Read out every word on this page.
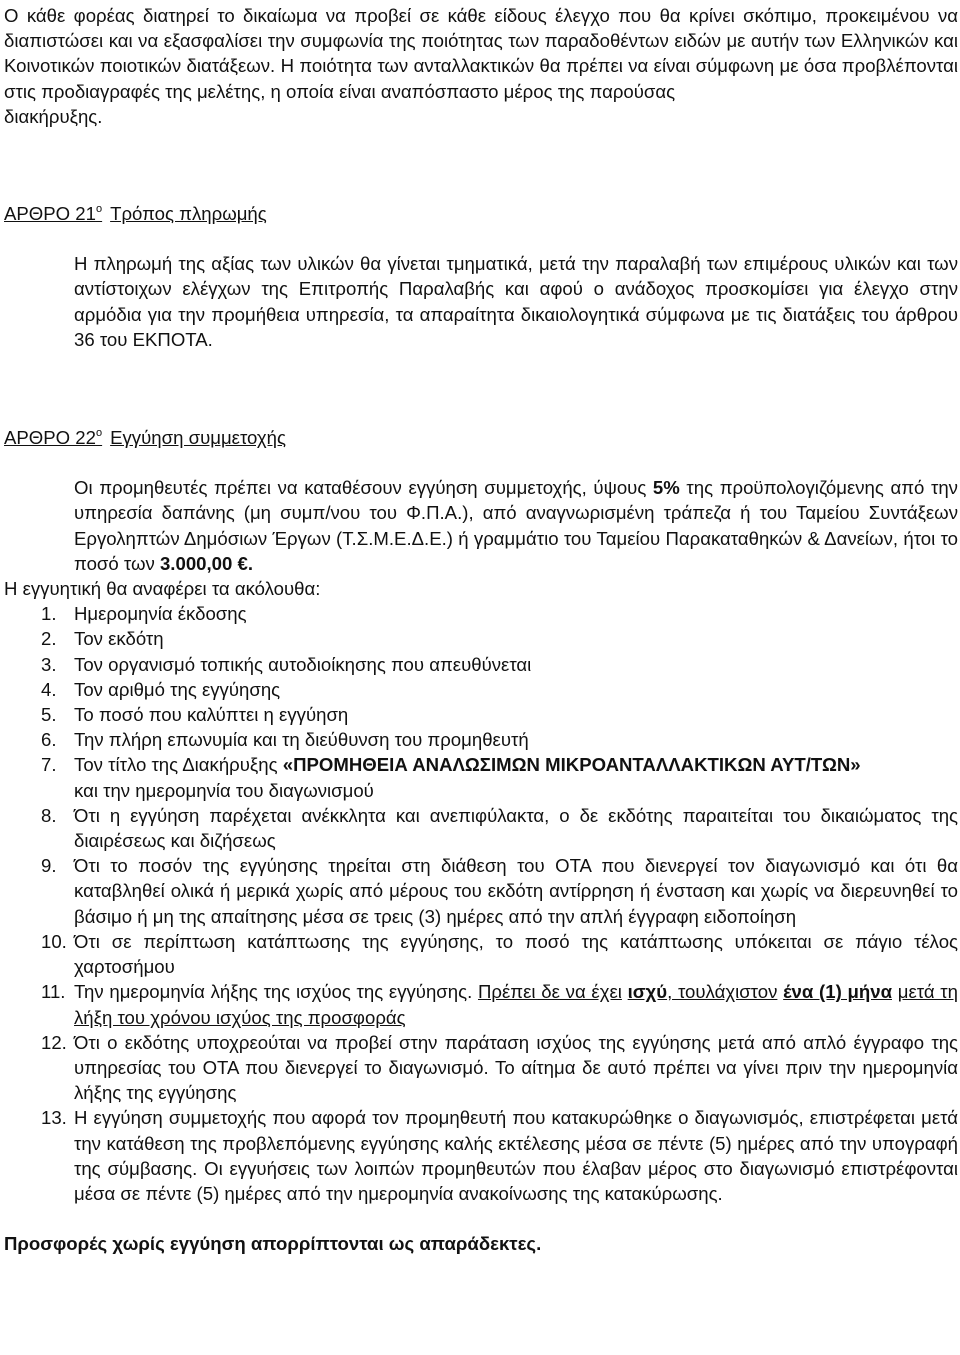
Ο κάθε φορέας διατηρεί το δικαίωμα να προβεί σε κάθε είδους έλεγχο που θα κρίνει σκόπιμο, προκειμένου να διαπιστώσει και να εξασφαλίσει την συμφωνία της ποιότητας των παραδοθέντων ειδών με αυτήν των Ελληνικών και Κοινοτικών ποιοτικών διατάξεων. Η ποιότητα των ανταλλακτικών θα πρέπει να είναι σύμφωνη με όσα προβλέπονται στις προδιαγραφές της μελέτης, η οποία είναι αναπόσπαστο μέρος της παρούσας

διακήρυξης.

ΑΡΘΡΟ $21^o$ Τρόπος πληρωμής

Η πληρωμή της αξίας των υλικών θα γίνεται τμηματικά, μετά την παραλαβή των επιμέρους υλικών και των αντίστοιχων ελέγχων της Επιτροπής Παραλαβής και αφού ο ανάδοχος προσκομίσει για έλεγχο στην αρμόδια για την προμήθεια υπηρεσία, τα απαραίτητα δικαιολογητικά σύμφωνα με τις διατάξεις του άρθρου 36 του ΕΚΠΟΤΑ.

ΑΡΘΡΟ $22^o$ Εγγύηση συμμετοχής

Οι προμηθευτές πρέπει να καταθέσουν εγγύηση συμμετοχής, ύψους 5% της προϋπολογιζόμενης από την υπηρεσία δαπάνης (μη συμπ/νου του Φ.Π.Α.), από αναγνωρισμένη τράπεζα ή του Ταμείου Συντάξεων Εργοληπτών Δημόσιων Έργων (Τ.Σ.Μ.Ε.Δ.Ε.) ή γραμμάτιο του Ταμείου Παρακαταθηκών & Δανείων, ήτοι το ποσό των 3.000,00 €.

Η εγγυητική θα αναφέρει τα ακόλουθα:

1. Ημερομηνία έκδοσης
2. Τον εκδότη
3. Τον οργανισμό τοπικής αυτοδιοίκησης που απευθύνεται
4. Τον αριθμό της εγγύησης
5. Το ποσό που καλύπτει η εγγύηση
6. Την πλήρη επωνυμία και τη διεύθυνση του προμηθευτή
7. Τον τίτλο της Διακήρυξης «ΠΡΟΜΗΘΕΙΑ ΑΝΑΛΩΣΙΜΩΝ ΜΙΚΡΟΑΝΤΑΛΛΑΚΤΙΚΩΝ ΑΥΤ/ΤΩΝ»
και την ημερομηνία του διαγωνισμού
8. Ότι η εγγύηση παρέχεται ανέκκλητα και ανεπιφύλακτα, ο δε εκδότης παραιτείται του δικαιώματος της διαιρέσεως και διζήσεως
9. Ότι το ποσόν της εγγύησης τηρείται στη διάθεση του ΟΤΑ που διενεργεί τον διαγωνισμό και ότι θα καταβληθεί ολικά ή μερικά χωρίς από μέρους του εκδότη αντίρρηση ή ένσταση και χωρίς να διερευνηθεί το βάσιμο ή μη της απαίτησης μέσα σε τρεις (3) ημέρες από την απλή έγγραφη ειδοποίηση
10. Ότι σε περίπτωση κατάπτωσης της εγγύησης, το ποσό της κατάπτωσης υπόκειται σε πάγιο τέλος χαρτοσήμου
11. Την ημερομηνία λήξης της ισχύος της εγγύησης. Πρέπει δε να έχει ισχύ, τουλάχιστον ένα (1) μήνα μετά τη λήξη του χρόνου ισχύος της προσφοράς
12. Ότι ο εκδότης υποχρεούται να προβεί στην παράταση ισχύος της εγγύησης μετά από απλό έγγραφο της υπηρεσίας του ΟΤΑ που διενεργεί το διαγωνισμό. Το αίτημα δε αυτό πρέπει να γίνει πριν την ημερομηνία λήξης της εγγύησης
13. Η εγγύηση συμμετοχής που αφορά τον προμηθευτή που κατακυρώθηκε ο διαγωνισμός, επιστρέφεται μετά την κατάθεση της προβλεπόμενης εγγύησης καλής εκτέλεσης μέσα σε πέντε (5) ημέρες από την υπογραφή της σύμβασης. Οι εγγυήσεις των λοιπών προμηθευτών που έλαβαν μέρος στο διαγωνισμό επιστρέφονται μέσα σε πέντε (5) ημέρες από την ημερομηνία ανακοίνωσης της κατακύρωσης.

Προσφορές χωρίς εγγύηση απορρίπτονται ως απαράδεκτες.
